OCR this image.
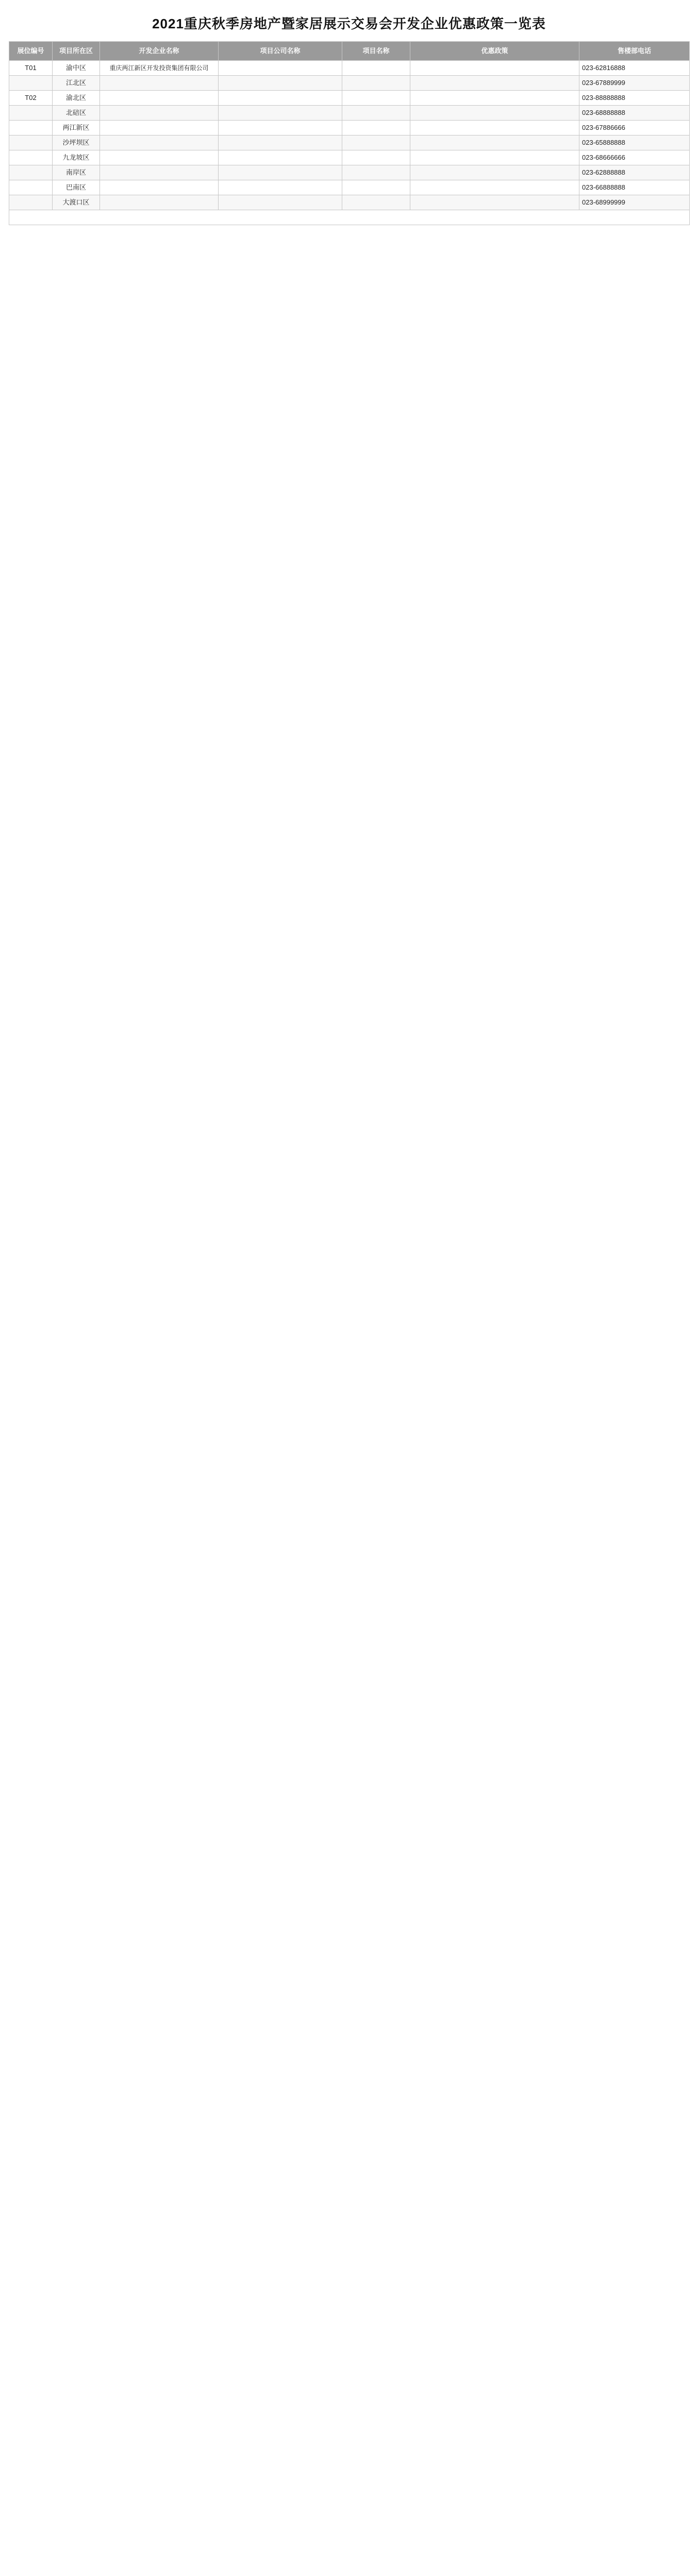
2021重庆秋季房地产暨家居展示交易会开发企业优惠政策一览表
展位编号	项目所在区	开发企业名称	项目公司名称	项目名称	优惠政策	售楼部电话
T01	渝中区	重庆两江新区开发投资集团有限公司				023-62816888
	江北区					023-67889999
T02	渝北区					023-88888888
	北碚区					023-68888888
	两江新区					023-67886666
	沙坪坝区					023-65888888
	九龙坡区					023-68666666
	南岸区					023-62888888
	巴南区					023-66888888
	大渡口区					023-68999999
